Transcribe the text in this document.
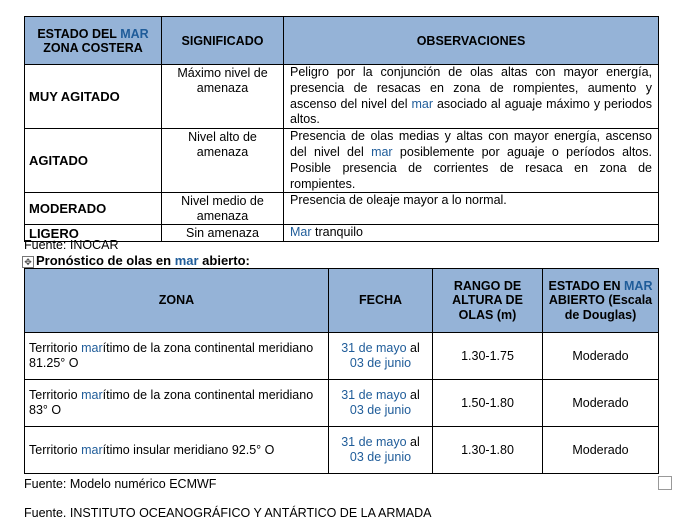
ESTADO DEL MAR ZONA COSTERA	SIGNIFICADO	OBSERVACIONES
MUY AGITADO	Máximo nivel de amenaza	Peligro por la conjunción de olas altas con mayor energía, presencia de resacas en zona de rompientes, aumento y ascenso del nivel del mar asociado al aguaje máximo y periodos altos.
AGITADO	Nivel alto de amenaza	Presencia de olas medias y altas con mayor energía, ascenso del nivel del mar posiblemente por aguaje o períodos altos. Posible presencia de corrientes de resaca en zona de rompientes.
MODERADO	Nivel medio de amenaza	Presencia de oleaje mayor a lo normal.
LIGERO	Sin amenaza	Mar tranquilo
Fuente: INOCAR
✥ Pronóstico de olas en mar abierto:
ZONA	FECHA	RANGO DE ALTURA DE OLAS (m)	ESTADO EN MAR ABIERTO (Escala de Douglas)
Territorio marítimo de la zona continental meridiano 81.25° O	31 de mayo al 03 de junio	1.30-1.75	Moderado
Territorio marítimo de la zona continental meridiano 83° O	31 de mayo al 03 de junio	1.50-1.80	Moderado
Territorio marítimo insular meridiano 92.5° O	31 de mayo al 03 de junio	1.30-1.80	Moderado
Fuente: Modelo numérico ECMWF
Fuente. INSTITUTO OCEANOGRÁFICO Y ANTÁRTICO DE LA ARMADA
